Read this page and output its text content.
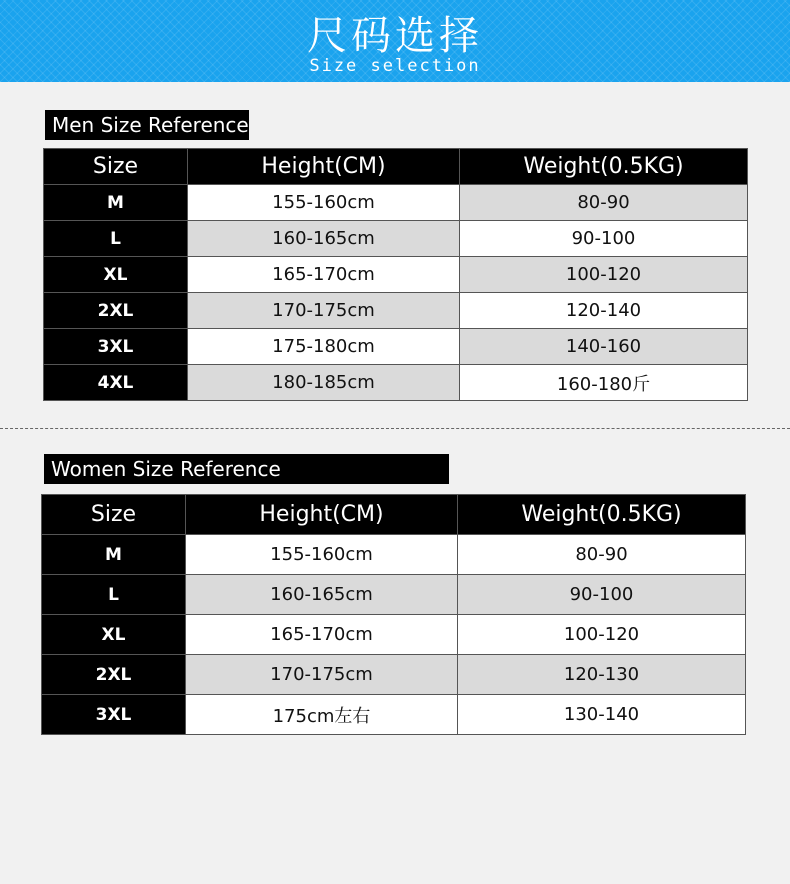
尺码选择
Size selection
Men Size Reference
Size	Height(CM)	Weight(0.5KG)
M	155-160cm	80-90
L	160-165cm	90-100
XL	165-170cm	100-120
2XL	170-175cm	120-140
3XL	175-180cm	140-160
4XL	180-185cm	160-180斤
Women Size Reference
Size	Height(CM)	Weight(0.5KG)
M	155-160cm	80-90
L	160-165cm	90-100
XL	165-170cm	100-120
2XL	170-175cm	120-130
3XL	175cm左右	130-140
